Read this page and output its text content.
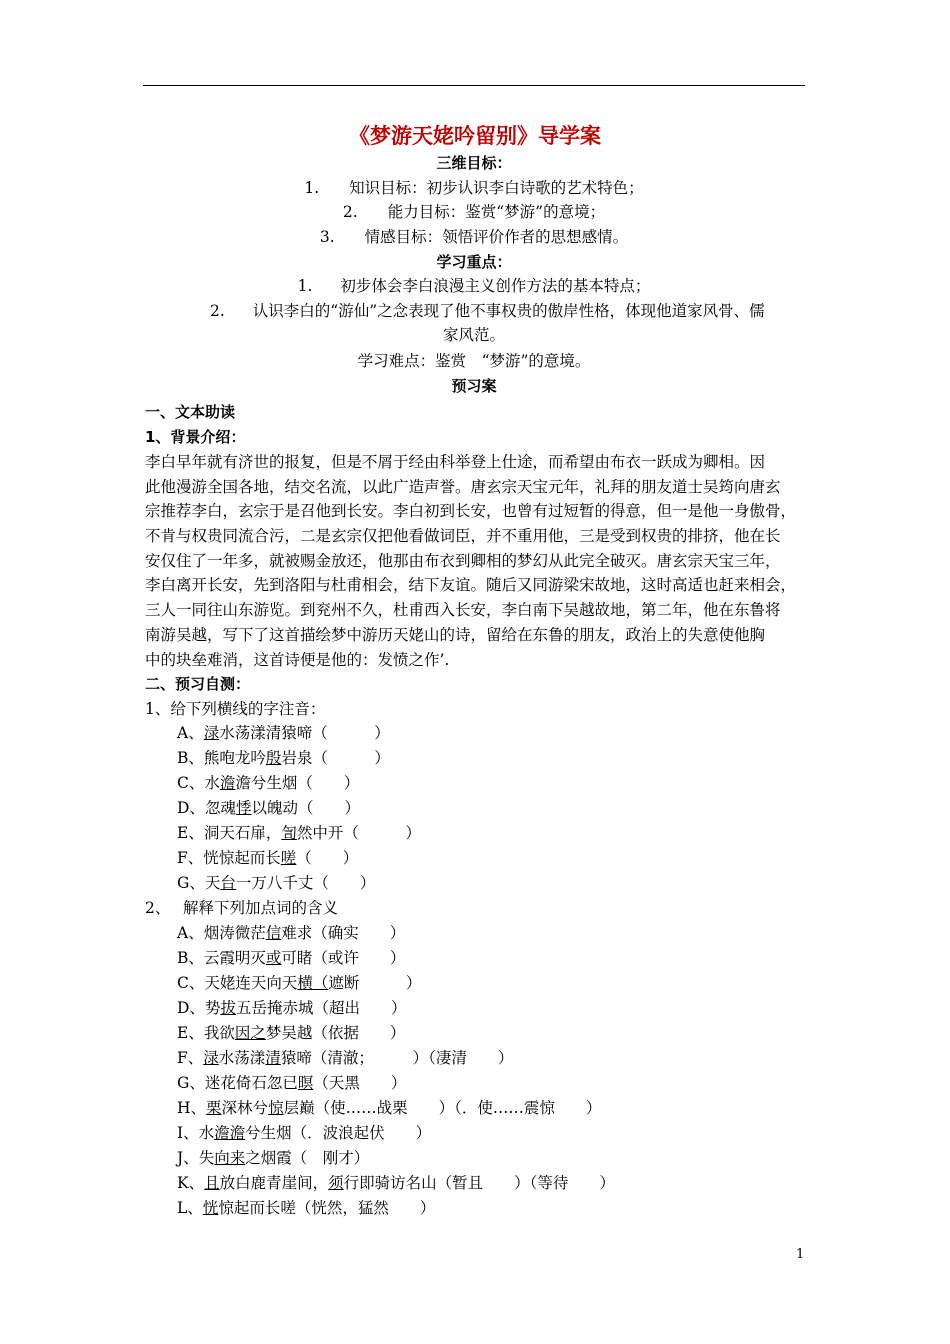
《梦游天姥吟留别》导学案
三维目标：
1. 知识目标：初步认识李白诗歌的艺术特色；
2. 能力目标：鉴赏“梦游”的意境；
3. 情感目标：领悟评价作者的思想感情。
学习重点：
1. 初步体会李白浪漫主义创作方法的基本特点；
2. 认识李白的“游仙”之念表现了他不事权贵的傲岸性格，体现他道家风骨、儒
家风范。
学习难点：鉴赏　“梦游”的意境。
预习案
一、文本助读
1、背景介绍：
李白早年就有济世的报复，但是不屑于经由科举登上仕途，而希望由布衣一跃成为卿相。因
此他漫游全国各地，结交名流，以此广造声誉。唐玄宗天宝元年，礼拜的朋友道士吴筠向唐玄
宗推荐李白，玄宗于是召他到长安。李白初到长安，也曾有过短暂的得意，但一是他一身傲骨，
不肯与权贵同流合污，二是玄宗仅把他看做词臣，并不重用他，三是受到权贵的排挤，他在长
安仅住了一年多，就被赐金放还，他那由布衣到卿相的梦幻从此完全破灭。唐玄宗天宝三年，
李白离开长安，先到洛阳与杜甫相会，结下友谊。随后又同游梁宋故地，这时高适也赶来相会，
三人一同往山东游览。到兖州不久，杜甫西入长安，李白南下吴越故地，第二年，他在东鲁将
南游吴越，写下了这首描绘梦中游历天姥山的诗，留给在东鲁的朋友，政治上的失意使他胸
中的块垒难消，这首诗便是他的：发愤之作’.
二、预习自测：
1、给下列横线的字注音：
A、渌水荡漾清猿啼（　　　）
B、熊咆龙吟殷岩泉（　　　）
C、水澹澹兮生烟（　　）
D、忽魂悸以魄动（　　）
E、洞天石扉，訇然中开（　　　）
F、恍惊起而长嗟（　　）
G、天台一万八千丈（　　）
2、　 解释下列加点词的含义
A、烟涛微茫信难求（确实　　）
B、云霞明灭或可睹（或许　　）
C、天姥连天向天横（遮断　　　）
D、势拔五岳掩赤城（超出　　）
E、我欲因之梦吴越（依据　　）
F、渌水荡漾清猿啼（清澈；　　　）（凄清　　）
G、迷花倚石忽已暝（天黑　　）
H、栗深林兮惊层巅（使……战栗　　）（．使……震惊　　）
I、水澹澹兮生烟（．波浪起伏　　）
J、失向来之烟霞（　刚才）
K、且放白鹿青崖间，须行即骑访名山（暂且　　）（等待　　）
L、恍惊起而长嗟（恍然，猛然　　）
1
